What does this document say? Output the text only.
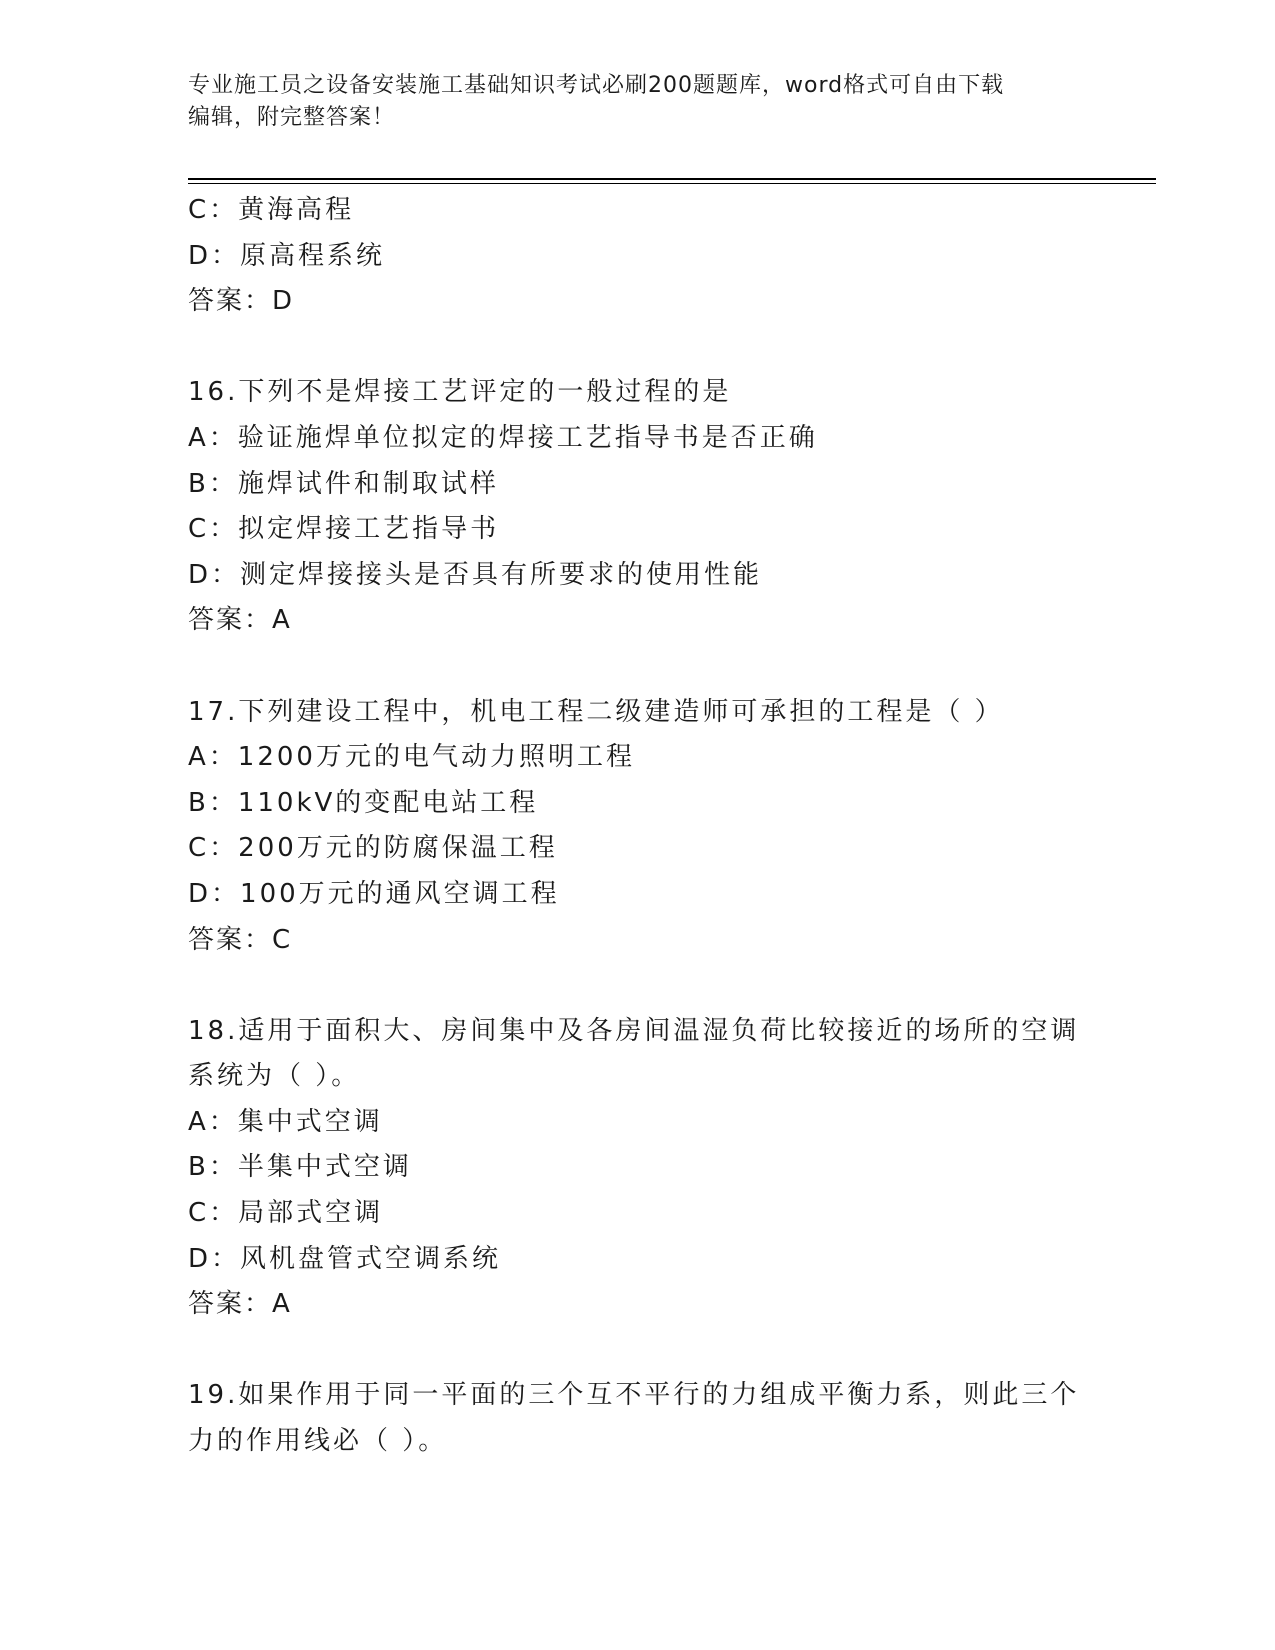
专业施工员之设备安装施工基础知识考试必刷200题题库，word格式可自由下载
编辑，附完整答案！
C：黄海高程
D：原高程系统
答案：D
16.下列不是焊接工艺评定的一般过程的是
A：验证施焊单位拟定的焊接工艺指导书是否正确
B：施焊试件和制取试样
C：拟定焊接工艺指导书
D：测定焊接接头是否具有所要求的使用性能
答案：A
17.下列建设工程中，机电工程二级建造师可承担的工程是（ ）
A：1200万元的电气动力照明工程
B：110kV的变配电站工程
C：200万元的防腐保温工程
D：100万元的通风空调工程
答案：C
18.适用于面积大、房间集中及各房间温湿负荷比较接近的场所的空调
系统为（ ）。
A：集中式空调
B：半集中式空调
C：局部式空调
D：风机盘管式空调系统
答案：A
19.如果作用于同一平面的三个互不平行的力组成平衡力系，则此三个
力的作用线必（ ）。
